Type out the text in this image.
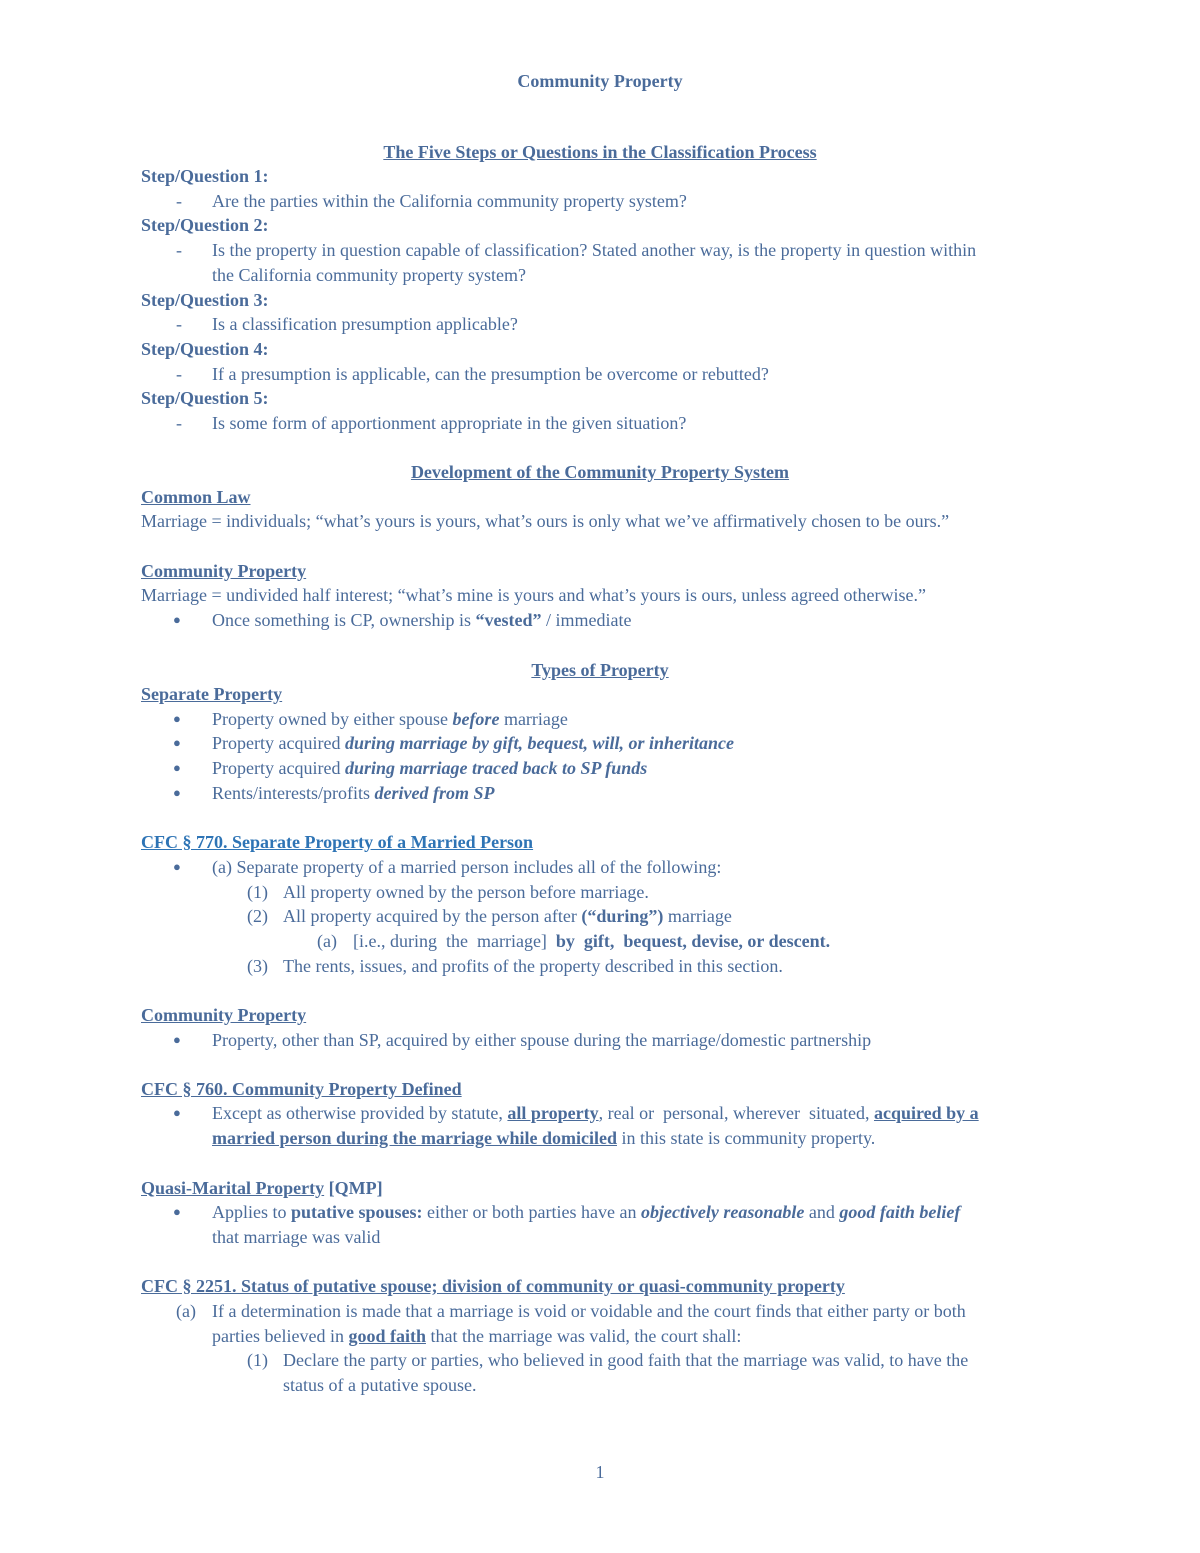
Community Property
The Five Steps or Questions in the Classification Process
Step/Question 1:
- Are the parties within the California community property system?
Step/Question 2:
- Is the property in question capable of classification? Stated another way, is the property in question within
the California community property system?
Step/Question 3:
- Is a classification presumption applicable?
Step/Question 4:
- If a presumption is applicable, can the presumption be overcome or rebutted?
Step/Question 5:
- Is some form of apportionment appropriate in the given situation?
Development of the Community Property System
Common Law
Marriage = individuals; “what’s yours is yours, what’s ours is only what we’ve affirmatively chosen to be ours.”
Community Property
Marriage = undivided half interest; “what’s mine is yours and what’s yours is ours, unless agreed otherwise.”
● Once something is CP, ownership is “vested” / immediate
Types of Property
Separate Property
● Property owned by either spouse before marriage
● Property acquired during marriage by gift, bequest, will, or inheritance
● Property acquired during marriage traced back to SP funds
● Rents/interests/profits derived from SP
CFC § 770. Separate Property of a Married Person
● (a) Separate property of a married person includes all of the following:
(1) All property owned by the person before marriage.
(2) All property acquired by the person after (“during”) marriage
(a) [i.e., during  the  marriage]  by  gift,  bequest, devise, or descent.
(3) The rents, issues, and profits of the property described in this section.
Community Property
● Property, other than SP, acquired by either spouse during the marriage/domestic partnership
CFC § 760. Community Property Defined
● Except as otherwise provided by statute, all property, real or  personal, wherever  situated, acquired by a
married person during the marriage while domiciled in this state is community property.
Quasi-Marital Property [QMP]
● Applies to putative spouses: either or both parties have an objectively reasonable and good faith belief
that marriage was valid
CFC § 2251. Status of putative spouse; division of community or quasi-community property
(a) If a determination is made that a marriage is void or voidable and the court finds that either party or both
parties believed in good faith that the marriage was valid, the court shall:
(1) Declare the party or parties, who believed in good faith that the marriage was valid, to have the
status of a putative spouse.
1
